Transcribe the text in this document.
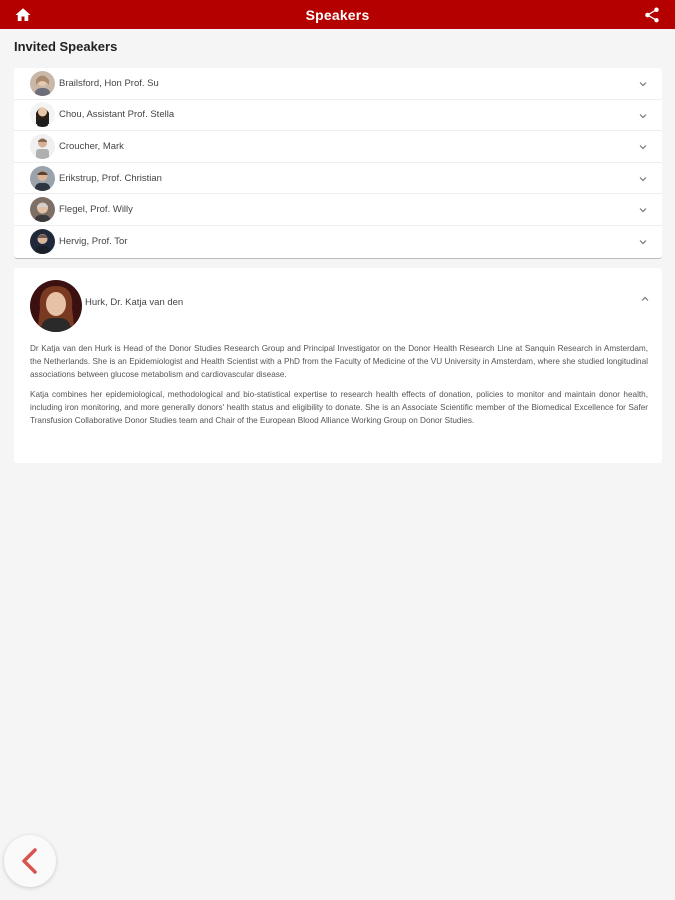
Speakers
Invited Speakers
Brailsford, Hon Prof. Su
Chou, Assistant Prof. Stella
Croucher, Mark
Erikstrup, Prof. Christian
Flegel, Prof. Willy
Hervig, Prof. Tor
Hurk, Dr. Katja van den

Dr Katja van den Hurk is Head of the Donor Studies Research Group and Principal Investigator on the Donor Health Research Line at Sanquin Research in Amsterdam, the Netherlands. She is an Epidemiologist and Health Scientist with a PhD from the Faculty of Medicine of the VU University in Amsterdam, where she studied longitudinal associations between glucose metabolism and cardiovascular disease.

Katja combines her epidemiological, methodological and bio-statistical expertise to research health effects of donation, policies to monitor and maintain donor health, including iron monitoring, and more generally donors' health status and eligibility to donate. She is an Associate Scientific member of the Biomedical Excellence for Safer Transfusion Collaborative Donor Studies team and Chair of the European Blood Alliance Working Group on Donor Studies.
